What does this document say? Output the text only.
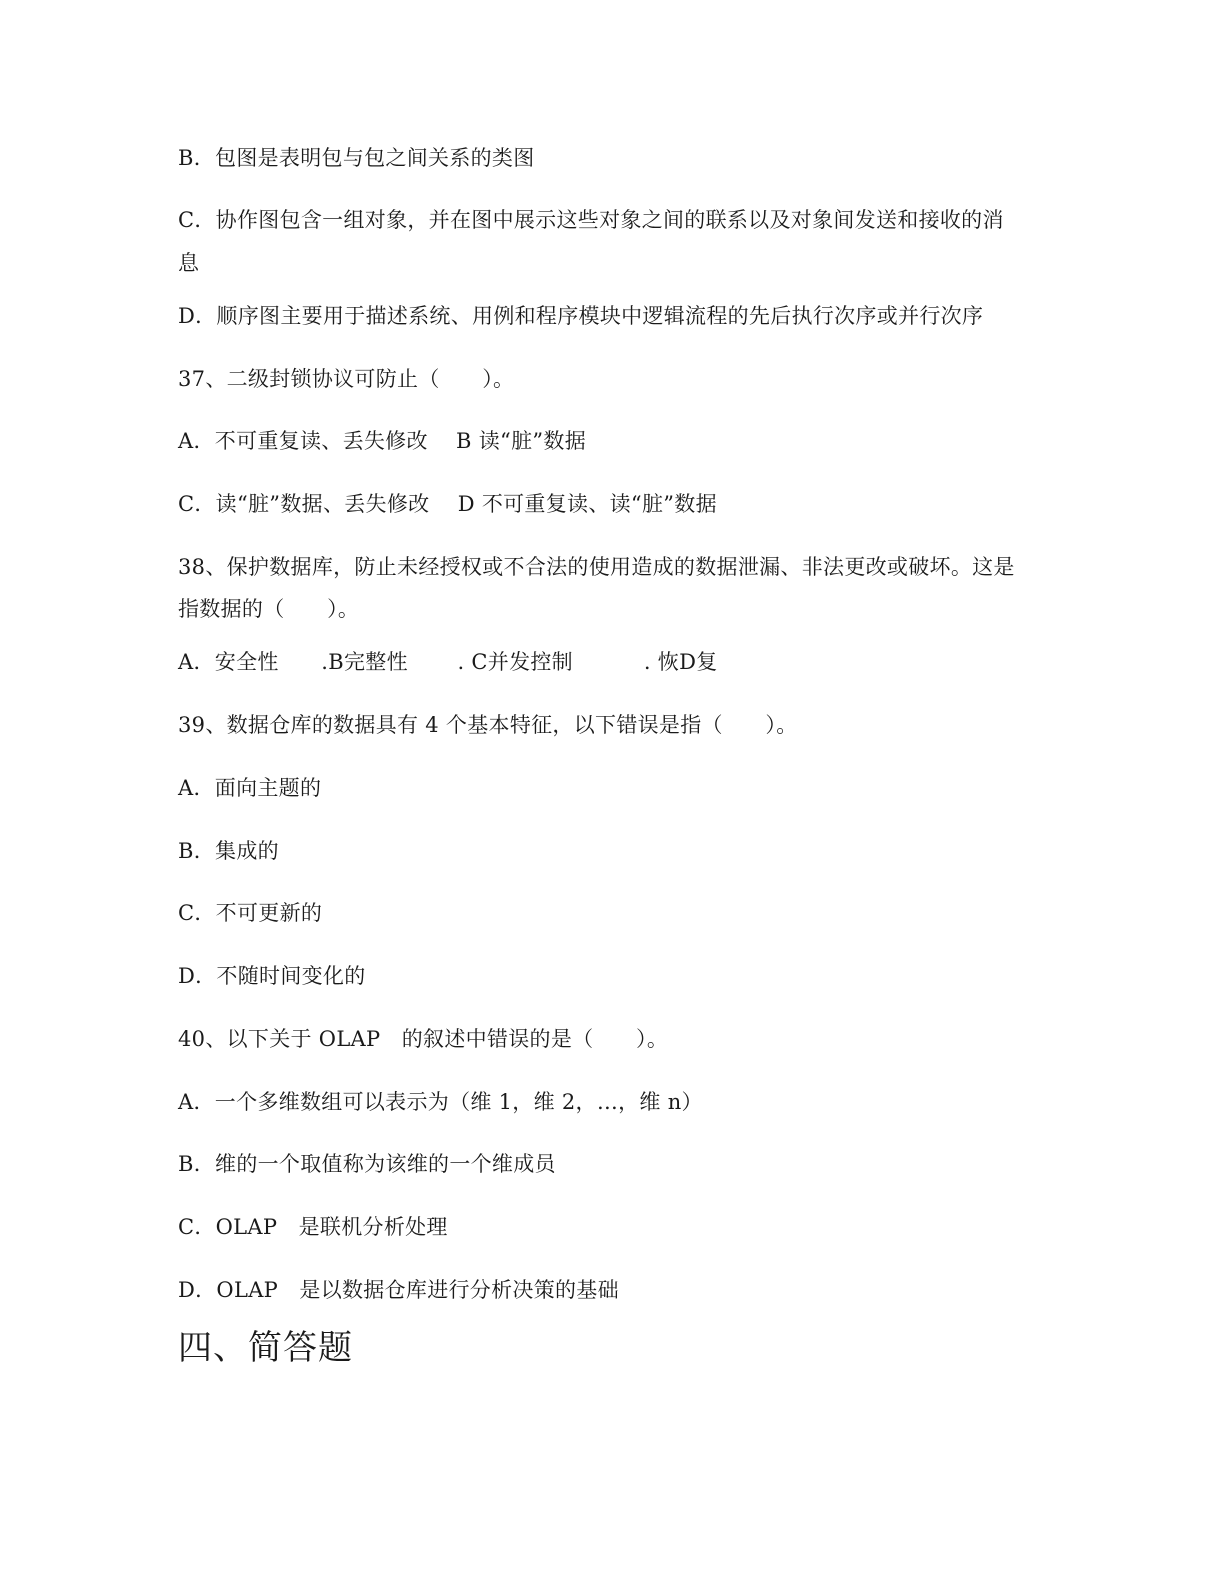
B．包图是表明包与包之间关系的类图
C．协作图包含一组对象，并在图中展示这些对象之间的联系以及对象间发送和接收的消
息
D．顺序图主要用于描述系统、用例和程序模块中逻辑流程的先后执行次序或并行次序
37、二级封锁协议可防止（　　）。
A．不可重复读、丢失修改　 B 读“脏”数据
C．读“脏”数据、丢失修改　 D 不可重复读、读“脏”数据
38、保护数据库，防止未经授权或不合法的使用造成的数据泄漏、非法更改或破坏。这是
指数据的（　　）。
A．安全性　　.B完整性　　 . C并发控制　　　 . 恢D复
39、数据仓库的数据具有 4 个基本特征，以下错误是指（　　）。
A．面向主题的
B．集成的
C．不可更新的
D．不随时间变化的
40、以下关于 OLAP　的叙述中错误的是（　　）。
A．一个多维数组可以表示为（维 1，维 2，…，维 n）
B．维的一个取值称为该维的一个维成员
C．OLAP　是联机分析处理
D．OLAP　是以数据仓库进行分析决策的基础
四、简答题
